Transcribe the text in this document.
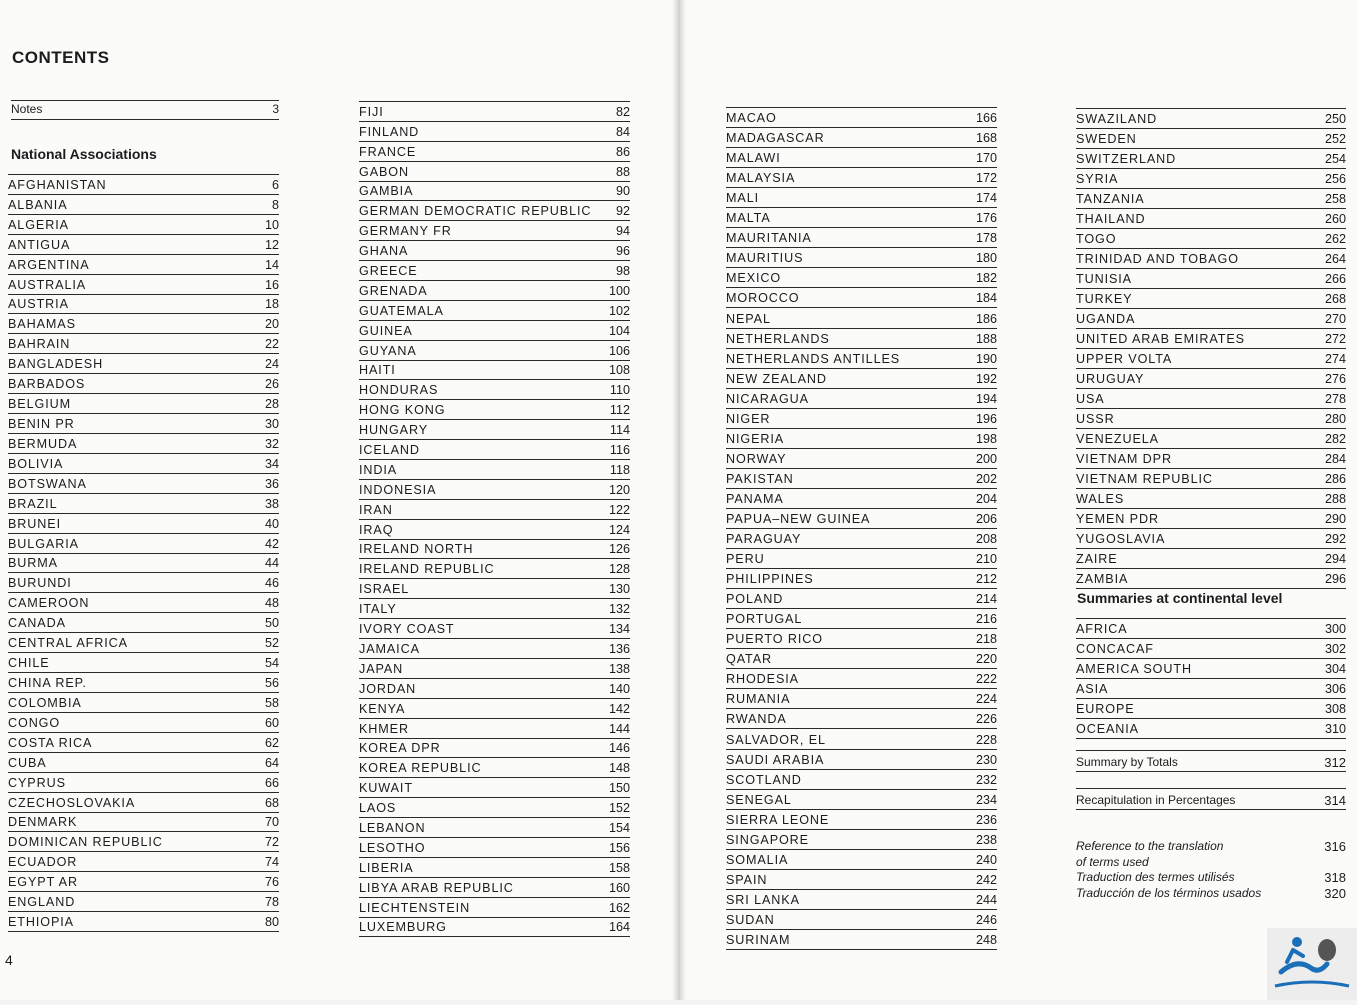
CONTENTS
Notes	3
National Associations
AFGHANISTAN	6
ALBANIA	8
ALGERIA	10
ANTIGUA	12
ARGENTINA	14
AUSTRALIA	16
AUSTRIA	18
BAHAMAS	20
BAHRAIN	22
BANGLADESH	24
BARBADOS	26
BELGIUM	28
BENIN PR	30
BERMUDA	32
BOLIVIA	34
BOTSWANA	36
BRAZIL	38
BRUNEI	40
BULGARIA	42
BURMA	44
BURUNDI	46
CAMEROON	48
CANADA	50
CENTRAL AFRICA	52
CHILE	54
CHINA REP.	56
COLOMBIA	58
CONGO	60
COSTA RICA	62
CUBA	64
CYPRUS	66
CZECHOSLOVAKIA	68
DENMARK	70
DOMINICAN REPUBLIC	72
ECUADOR	74
EGYPT AR	76
ENGLAND	78
ETHIOPIA	80
FIJI	82
FINLAND	84
FRANCE	86
GABON	88
GAMBIA	90
GERMAN DEMOCRATIC REPUBLIC 92
GERMANY FR	94
GHANA	96
GREECE	98
GRENADA	100
GUATEMALA	102
GUINEA	104
GUYANA	106
HAITI	108
HONDURAS	110
HONG KONG	112
HUNGARY	114
ICELAND	116
INDIA	118
INDONESIA	120
IRAN	122
IRAQ	124
IRELAND NORTH	126
IRELAND REPUBLIC	128
ISRAEL	130
ITALY	132
IVORY COAST	134
JAMAICA	136
JAPAN	138
JORDAN	140
KENYA	142
KHMER	144
KOREA DPR	146
KOREA REPUBLIC	148
KUWAIT	150
LAOS	152
LEBANON	154
LESOTHO	156
LIBERIA	158
LIBYA ARAB REPUBLIC	160
LIECHTENSTEIN	162
LUXEMBURG	164
MACAO	166
MADAGASCAR	168
MALAWI	170
MALAYSIA	172
MALI	174
MALTA	176
MAURITANIA	178
MAURITIUS	180
MEXICO	182
MOROCCO	184
NEPAL	186
NETHERLANDS	188
NETHERLANDS ANTILLES	190
NEW ZEALAND	192
NICARAGUA	194
NIGER	196
NIGERIA	198
NORWAY	200
PAKISTAN	202
PANAMA	204
PAPUA–NEW GUINEA	206
PARAGUAY	208
PERU	210
PHILIPPINES	212
POLAND	214
PORTUGAL	216
PUERTO RICO	218
QATAR	220
RHODESIA	222
RUMANIA	224
RWANDA	226
SALVADOR, EL	228
SAUDI ARABIA	230
SCOTLAND	232
SENEGAL	234
SIERRA LEONE	236
SINGAPORE	238
SOMALIA	240
SPAIN	242
SRI LANKA	244
SUDAN	246
SURINAM	248
SWAZILAND	250
SWEDEN	252
SWITZERLAND	254
SYRIA	256
TANZANIA	258
THAILAND	260
TOGO	262
TRINIDAD AND TOBAGO	264
TUNISIA	266
TURKEY	268
UGANDA	270
UNITED ARAB EMIRATES	272
UPPER VOLTA	274
URUGUAY	276
USA	278
USSR	280
VENEZUELA	282
VIETNAM DPR	284
VIETNAM REPUBLIC	286
WALES	288
YEMEN PDR	290
YUGOSLAVIA	292
ZAIRE	294
ZAMBIA	296
Summaries at continental level
AFRICA	300
CONCACAF	302
AMERICA SOUTH	304
ASIA	306
EUROPE	308
OCEANIA	310
Summary by Totals	312
Recapitulation in Percentages	314
Reference to the translation	316
of terms used
Traduction des termes utilisés	318
Traducción de los términos usados	320
4
